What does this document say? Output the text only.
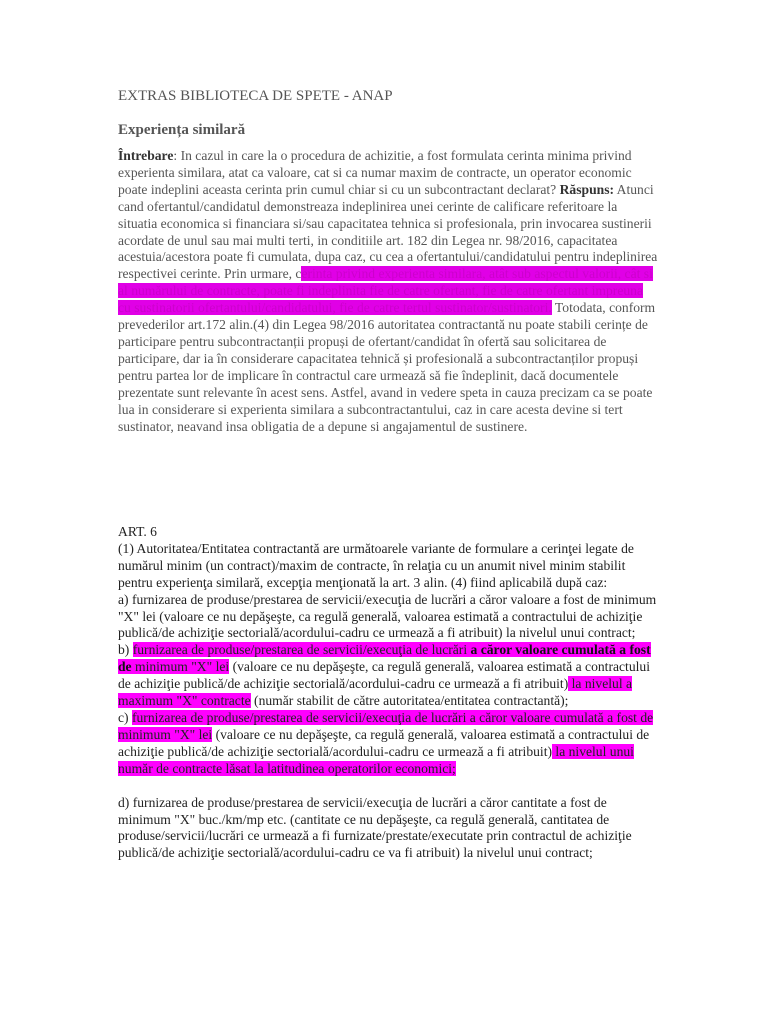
EXTRAS BIBLIOTECA DE SPETE - ANAP

Experiența similară

Întrebare: In cazul in care la o procedura de achizitie, a fost formulata cerinta minima privind experienta similara, atat ca valoare, cat si ca numar maxim de contracte, un operator economic poate indeplini aceasta cerinta prin cumul chiar si cu un subcontractant declarat? Răspuns: Atunci cand ofertantul/candidatul demonstreaza indeplinirea unei cerinte de calificare referitoare la situatia economica si financiara si/sau capacitatea tehnica si profesionala, prin invocarea sustinerii acordate de unul sau mai multi terti, in conditiile art. 182 din Legea nr. 98/2016, capacitatea acestuia/acestora poate fi cumulata, dupa caz, cu cea a ofertantului/candidatului pentru indeplinirea respectivei cerinte. Prin urmare, cerinta privind experienta similara, atât sub aspectul valorii, cât si al numărului de contracte, poate fi indeplinita fie de catre ofertant, fie de catre ofertant impreuna cu sustinatorii ofertantului/candidatului, fie de catre tertul sustinator/sustinatori. Totodata, conform prevederilor art.172 alin.(4) din Legea 98/2016 autoritatea contractantă nu poate stabili cerințe de participare pentru subcontractanții propuși de ofertant/candidat în ofertă sau solicitarea de participare, dar ia în considerare capacitatea tehnică și profesională a subcontractanților propuși pentru partea lor de implicare în contractul care urmează să fie îndeplinit, dacă documentele prezentate sunt relevante în acest sens. Astfel, avand in vedere speta in cauza precizam ca se poate lua in considerare si experienta similara a subcontractantului, caz in care acesta devine si tert sustinator, neavand insa obligatia de a depune si angajamentul de sustinere.

ART. 6

(1) Autoritatea/Entitatea contractantă are următoarele variante de formulare a cerinţei legate de numărul minim (un contract)/maxim de contracte, în relaţia cu un anumit nivel minim stabilit pentru experienţa similară, excepţia menţionată la art. 3 alin. (4) fiind aplicabilă după caz:

a) furnizarea de produse/prestarea de servicii/execuţia de lucrări a căror valoare a fost de minimum "X" lei (valoare ce nu depăşeşte, ca regulă generală, valoarea estimată a contractului de achiziţie publică/de achiziţie sectorială/acordului-cadru ce urmează a fi atribuit) la nivelul unui contract;

b) furnizarea de produse/prestarea de servicii/execuţia de lucrări a căror valoare cumulată a fost de minimum "X" lei (valoare ce nu depăşeşte, ca regulă generală, valoarea estimată a contractului de achiziţie publică/de achiziţie sectorială/acordului-cadru ce urmează a fi atribuit) la nivelul a maximum "X" contracte (număr stabilit de către autoritatea/entitatea contractantă);

c) furnizarea de produse/prestarea de servicii/execuţia de lucrări a căror valoare cumulată a fost de minimum "X" lei (valoare ce nu depăşeşte, ca regulă generală, valoarea estimată a contractului de achiziţie publică/de achiziţie sectorială/acordului-cadru ce urmează a fi atribuit) la nivelul unui număr de contracte lăsat la latitudinea operatorilor economici;

d) furnizarea de produse/prestarea de servicii/execuţia de lucrări a căror cantitate a fost de minimum "X" buc./km/mp etc. (cantitate ce nu depăşeşte, ca regulă generală, cantitatea de produse/servicii/lucrări ce urmează a fi furnizate/prestate/executate prin contractul de achiziţie publică/de achiziţie sectorială/acordului-cadru ce va fi atribuit) la nivelul unui contract;
